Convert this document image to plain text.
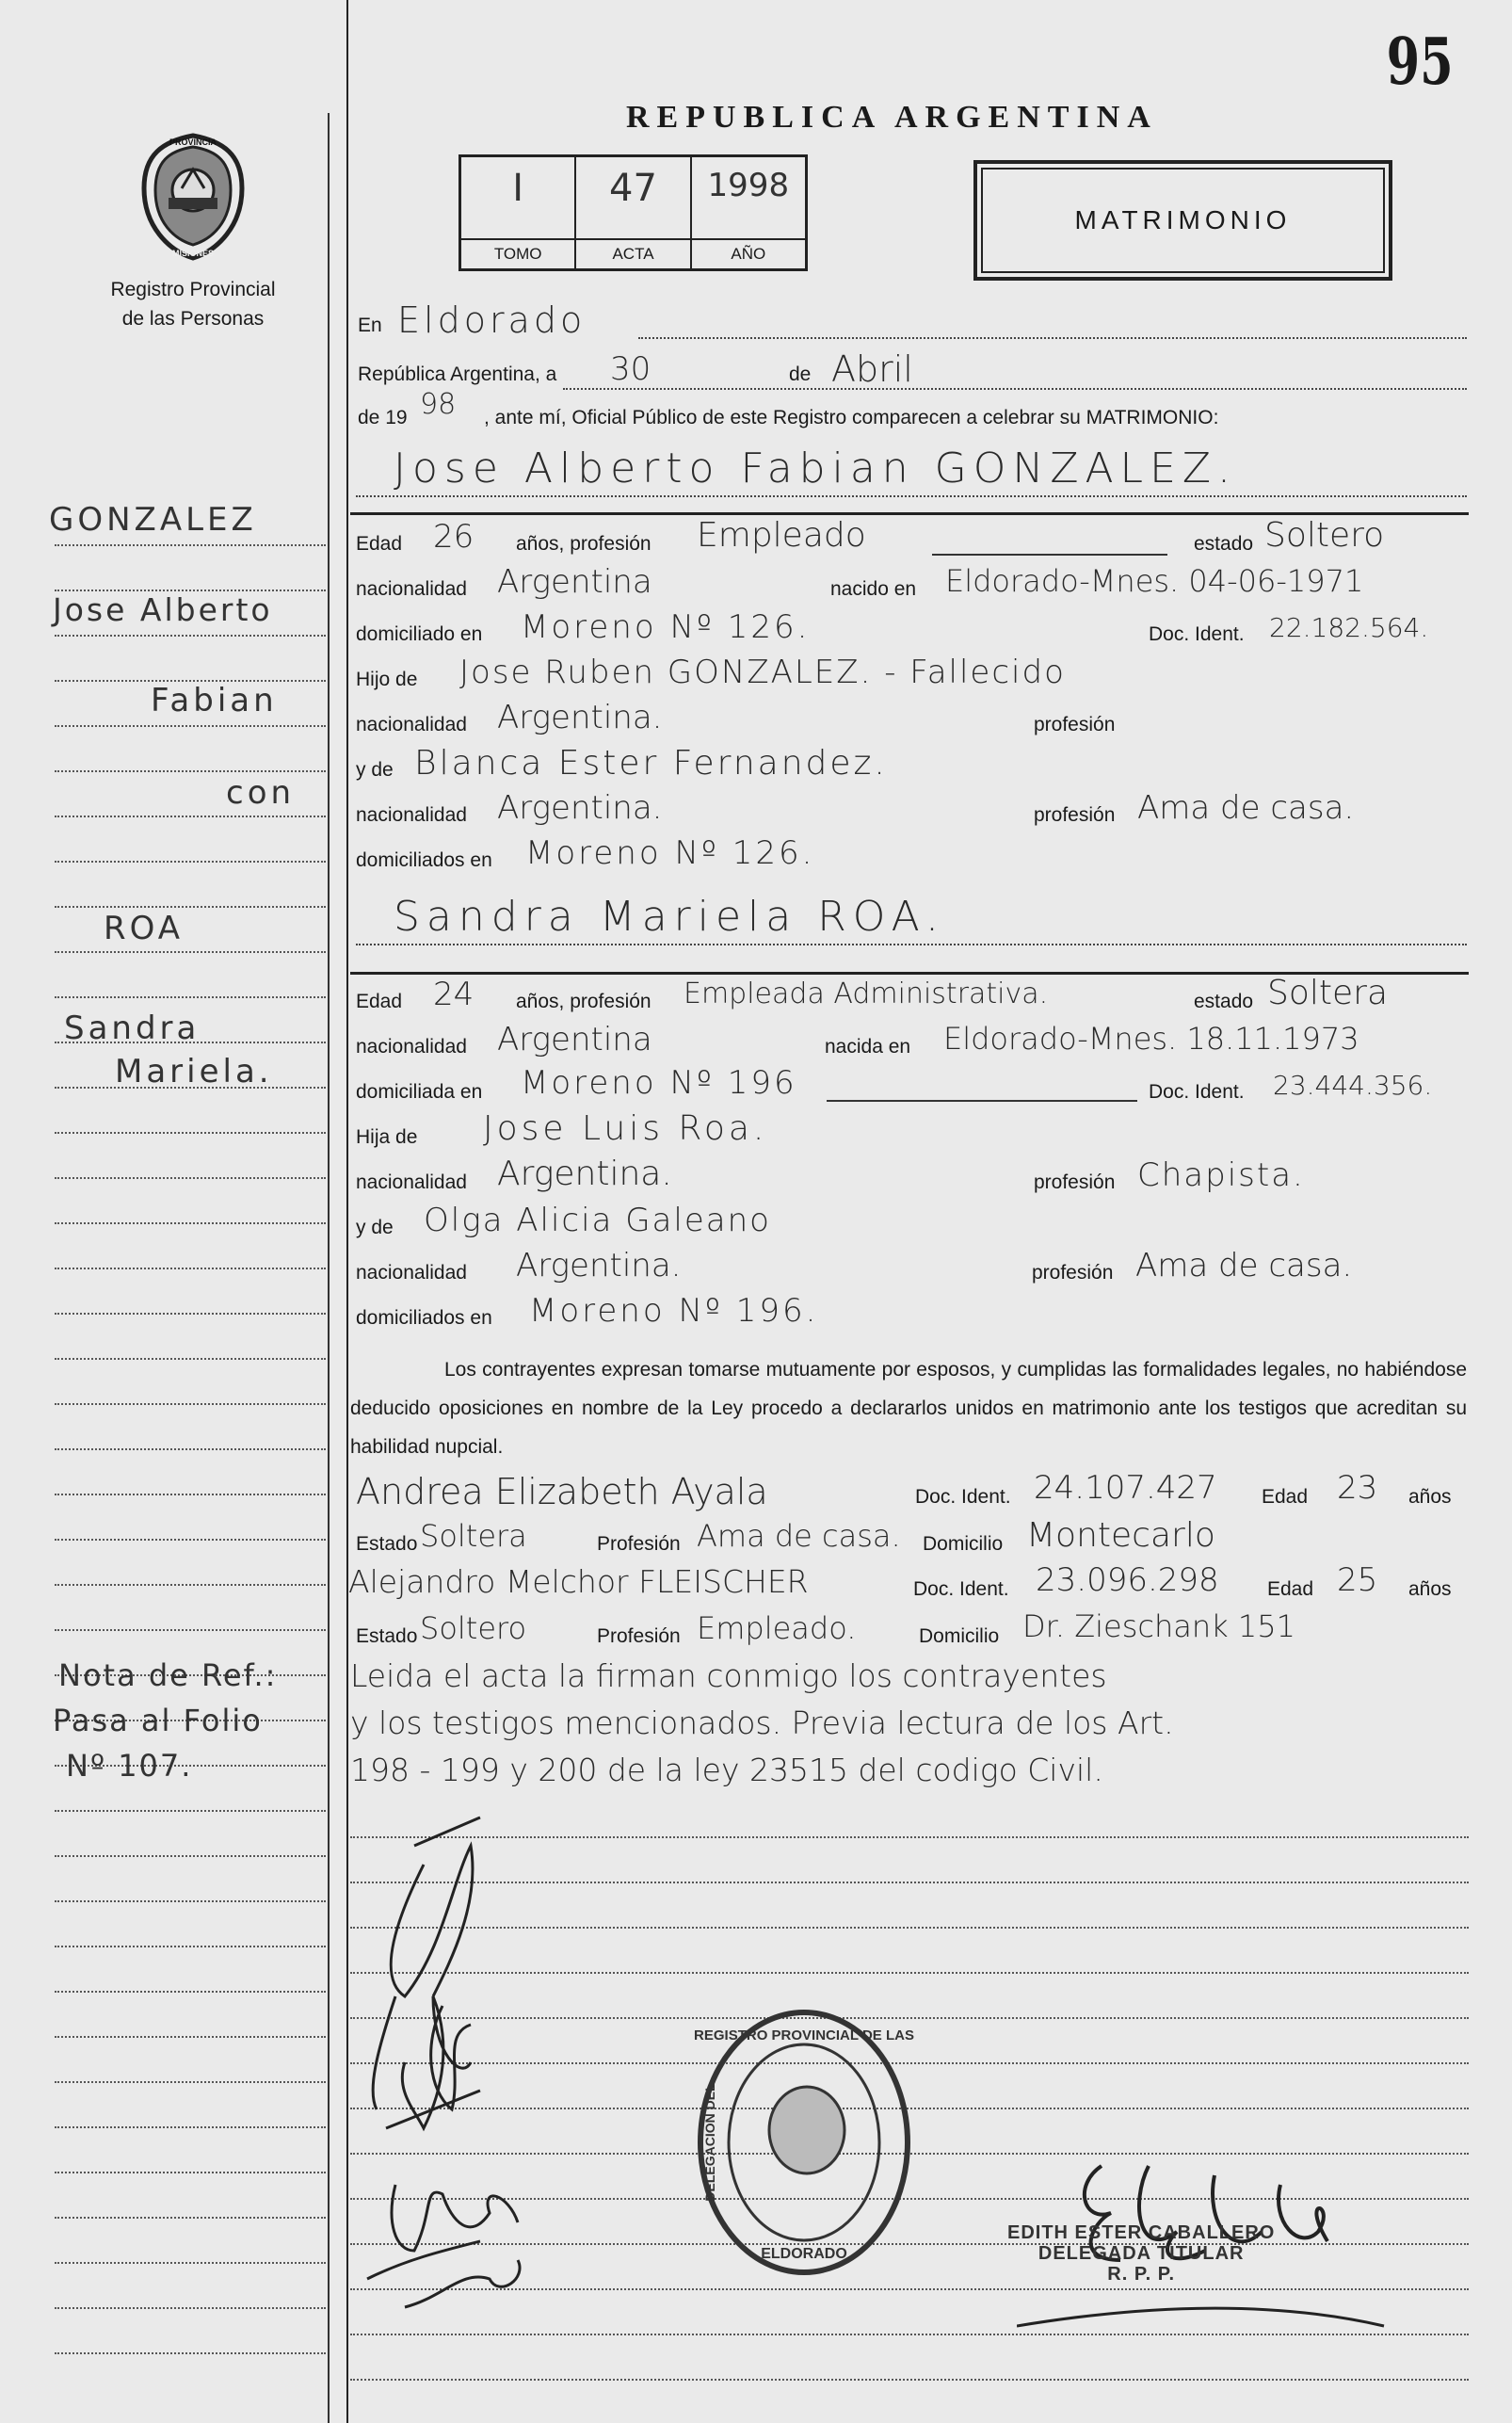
95
REPUBLICA ARGENTINA
PROVINCIA
MISIONES
Registro Provincial
de las Personas
I
TOMO
47
ACTA
1998
AÑO
MATRIMONIO
En Eldorado
República Argentina, a 30	de Abril
de 19 98 , ante mí, Oficial Público de este Registro comparecen a celebrar su MATRIMONIO:
Jose Alberto Fabian GONZALEZ.
Edad 26 años, profesión Empleado	estado Soltero
nacionalidad Argentina	nacido en Eldorado-Mnes. 04-06-1971
domiciliado en Moreno Nº 126.	Doc. Ident. 22.182.564.
Hijo de Jose Ruben GONZALEZ. - Fallecido
nacionalidad Argentina.	profesión
y de Blanca Ester Fernandez.
nacionalidad Argentina.	profesión Ama de casa.
domiciliados en Moreno Nº 126.
Sandra Mariela ROA.
Edad 24 años, profesión Empleada Administrativa.	estado Soltera
nacionalidad Argentina	nacida en Eldorado-Mnes. 18.11.1973
domiciliada en Moreno Nº 196	Doc. Ident. 23.444.356.
Hija de Jose Luis Roa.
nacionalidad Argentina.	profesión Chapista.
y de Olga Alicia Galeano
nacionalidad Argentina.	profesión Ama de casa.
domiciliados en Moreno Nº 196.
Los contrayentes expresan tomarse mutuamente por esposos, y cumplidas las formalidades legales, no habiéndose deducido oposiciones en nombre de la Ley procedo a declararlos unidos en matrimonio ante los testigos que acreditan su habilidad nupcial.
Andrea Elizabeth Ayala	Doc. Ident. 24.107.427 Edad 23 años
Estado Soltera	Profesión Ama de casa. Domicilio Montecarlo
Alejandro Melchor FLEISCHER	Doc. Ident. 23.096.298 Edad 25 años
Estado Soltero	Profesión Empleado.	Domicilio Dr. Zieschank 151
Leida el acta la firman conmigo los contrayentes
y los testigos mencionados. Previa lectura de los Art.
198 - 199 y 200 de la ley 23515 del codigo Civil.
GONZALEZ
Jose Alberto
Fabian
con
ROA
Sandra
Mariela.
Nota de Ref.:
Pasa al Folio
Nº 107.
REGISTRO PROVINCIAL DE LAS
ELDORADO
DELEGACION DEL
EDITH ESTER CABALLERO
DELEGADA TITULAR
R. P. P.
